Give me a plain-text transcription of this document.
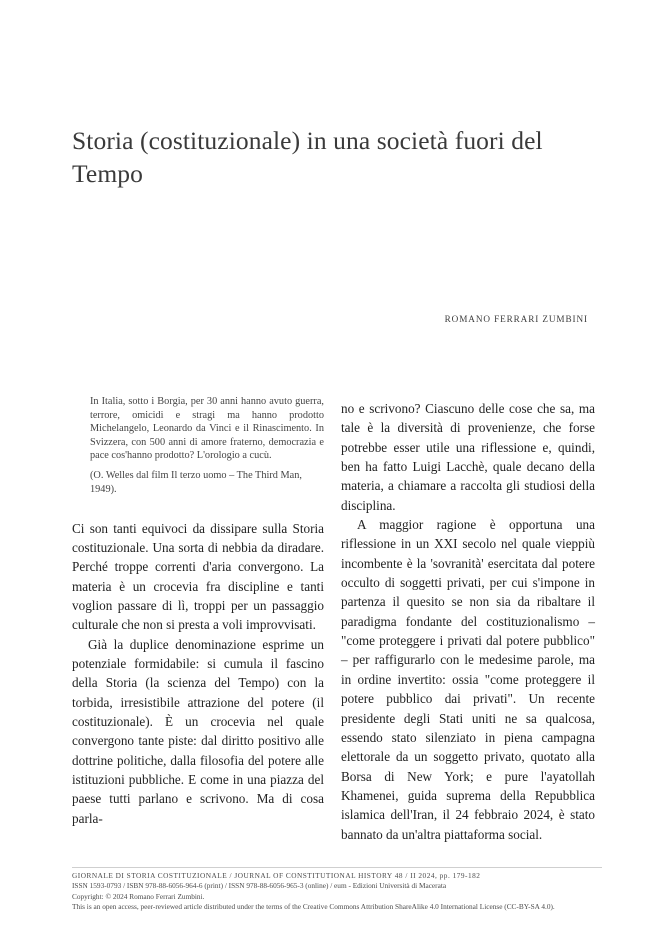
Storia (costituzionale) in una società fuori del Tempo

ROMANO FERRARI ZUMBINI

In Italia, sotto i Borgia, per 30 anni hanno avuto guerra, terrore, omicidi e stragi ma hanno prodotto Michelangelo, Leonardo da Vinci e il Rinascimento. In Svizzera, con 500 anni di amore fraterno, democrazia e pace cos'hanno prodotto? L'orologio a cucù.

(O. Welles dal film Il terzo uomo – The Third Man, 1949).

Ci son tanti equivoci da dissipare sulla Storia costituzionale. Una sorta di nebbia da diradare. Perché troppe correnti d'aria convergono. La materia è un crocevia fra discipline e tanti voglion passare di lì, troppi per un passaggio culturale che non si presta a voli improvvisati.

Già la duplice denominazione esprime un potenziale formidabile: si cumula il fascino della Storia (la scienza del Tempo) con la torbida, irresistibile attrazione del potere (il costituzionale). È un crocevia nel quale convergono tante piste: dal diritto positivo alle dottrine politiche, dalla filosofia del potere alle istituzioni pubbliche. E come in una piazza del paese tutti parlano e scrivono. Ma di cosa parla-

no e scrivono? Ciascuno delle cose che sa, ma tale è la diversità di provenienze, che forse potrebbe esser utile una riflessione e, quindi, ben ha fatto Luigi Lacchè, quale decano della materia, a chiamare a raccolta gli studiosi della disciplina.

A maggior ragione è opportuna una riflessione in un XXI secolo nel quale vieppiù incombente è la 'sovranità' esercitata dal potere occulto di soggetti privati, per cui s'impone in partenza il quesito se non sia da ribaltare il paradigma fondante del costituzionalismo – "come proteggere i privati dal potere pubblico" – per raffigurarlo con le medesime parole, ma in ordine invertito: ossia "come proteggere il potere pubblico dai privati". Un recente presidente degli Stati uniti ne sa qualcosa, essendo stato silenziato in piena campagna elettorale da un soggetto privato, quotato alla Borsa di New York; e pure l'ayatollah Khamenei, guida suprema della Repubblica islamica dell'Iran, il 24 febbraio 2024, è stato bannato da un'altra piattaforma social.

GIORNALE DI STORIA COSTITUZIONALE / JOURNAL OF CONSTITUTIONAL HISTORY 48 / II 2024, pp. 179-182

ISSN 1593-0793 / ISBN 978-88-6056-964-6 (print) / ISSN 978-88-6056-965-3 (online) / eum - Edizioni Università di Macerata

Copyright: © 2024 Romano Ferrari Zumbini.

This is an open access, peer-reviewed article distributed under the terms of the Creative Commons Attribution ShareAlike 4.0 International License (CC-BY-SA 4.0).
